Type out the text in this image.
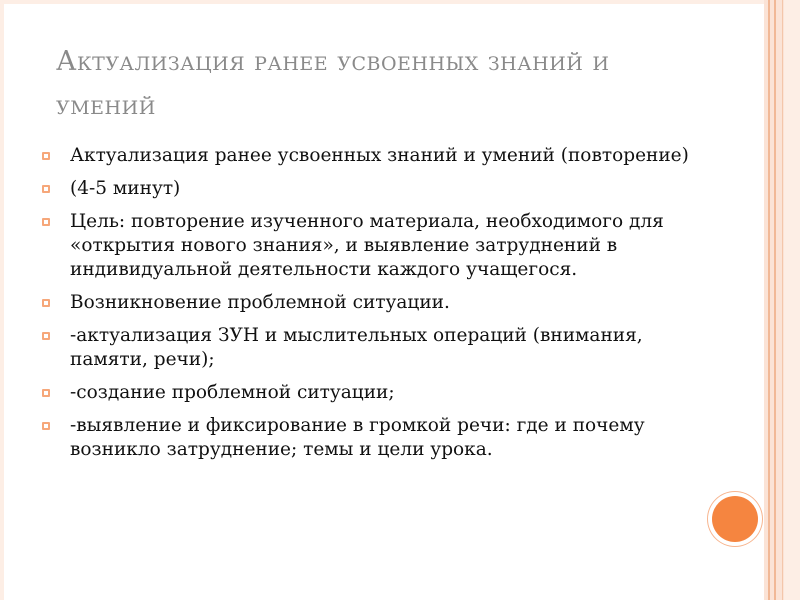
Актуализация ранее усвоенных знаний и умений
Актуализация ранее усвоенных знаний и умений (повторение)
(4-5 минут)
Цель: повторение изученного материала, необходимого для «открытия нового знания», и выявление затруднений в индивидуальной деятельности каждого учащегося.
Возникновение проблемной ситуации.
-актуализация ЗУН и мыслительных операций (внимания, памяти, речи);
-создание проблемной ситуации;
-выявление и фиксирование в громкой речи: где и почему возникло затруднение; темы и цели урока.
